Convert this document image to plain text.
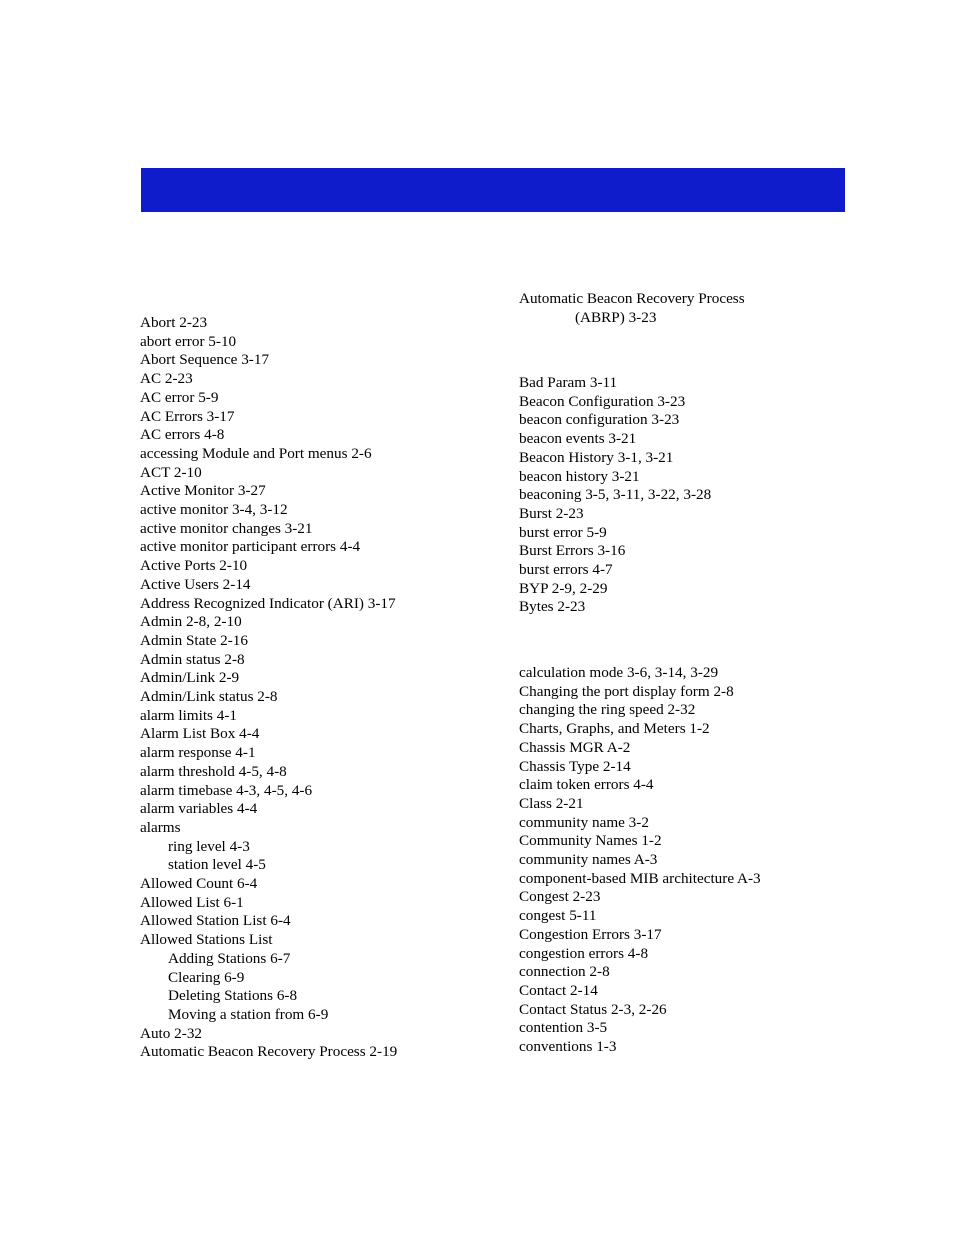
Abort 2-23
abort error 5-10
Abort Sequence 3-17
AC 2-23
AC error 5-9
AC Errors 3-17
AC errors 4-8
accessing Module and Port menus 2-6
ACT 2-10
Active Monitor 3-27
active monitor 3-4, 3-12
active monitor changes 3-21
active monitor participant errors 4-4
Active Ports 2-10
Active Users 2-14
Address Recognized Indicator (ARI) 3-17
Admin 2-8, 2-10
Admin State 2-16
Admin status 2-8
Admin/Link 2-9
Admin/Link status 2-8
alarm limits 4-1
Alarm List Box 4-4
alarm response 4-1
alarm threshold 4-5, 4-8
alarm timebase 4-3, 4-5, 4-6
alarm variables 4-4
alarms
ring level 4-3
station level 4-5
Allowed Count 6-4
Allowed List 6-1
Allowed Station List 6-4
Allowed Stations List
Adding Stations 6-7
Clearing 6-9
Deleting Stations 6-8
Moving a station from 6-9
Auto 2-32
Automatic Beacon Recovery Process 2-19
Automatic Beacon Recovery Process
(ABRP) 3-23
Bad Param 3-11
Beacon Configuration 3-23
beacon configuration 3-23
beacon events 3-21
Beacon History 3-1, 3-21
beacon history 3-21
beaconing 3-5, 3-11, 3-22, 3-28
Burst 2-23
burst error 5-9
Burst Errors 3-16
burst errors 4-7
BYP 2-9, 2-29
Bytes 2-23
calculation mode 3-6, 3-14, 3-29
Changing the port display form 2-8
changing the ring speed 2-32
Charts, Graphs, and Meters 1-2
Chassis MGR A-2
Chassis Type 2-14
claim token errors 4-4
Class 2-21
community name 3-2
Community Names 1-2
community names A-3
component-based MIB architecture A-3
Congest 2-23
congest 5-11
Congestion Errors 3-17
congestion errors 4-8
connection 2-8
Contact 2-14
Contact Status 2-3, 2-26
contention 3-5
conventions 1-3
